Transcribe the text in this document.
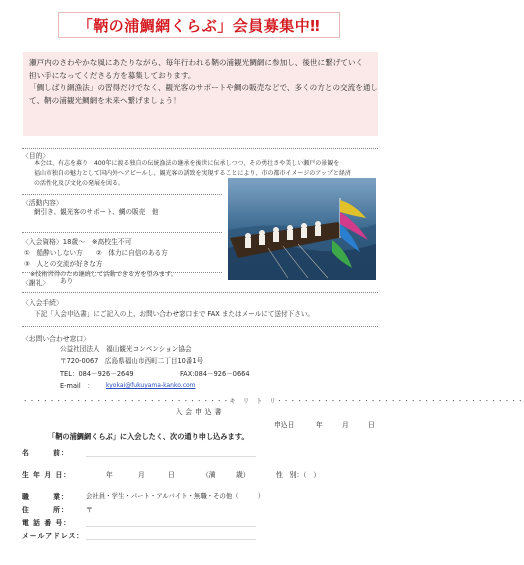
「鞆の浦鯛網くらぶ」会員募集中‼

瀬戸内のさわやかな風にあたりながら、毎年行われる鞆の浦観光鯛網に参加し、後世に繋げていく

担い手になってくださる方を募集しております。

「鯛しばり網漁法」の習得だけでなく、観光客のサポートや鯛の販売などで、多くの方との交流を通し

て、鞆の浦観光鯛網を未来へ繋げましょう！

〈目的〉
本会は、有志を募り　400年に渡る独自の伝統漁法の継承を後世に伝承しつつ、その勇壮さや美しい瀬戸の景観を
福山市独自の魅力として国内外へアピールし、観光客の誘致を実現することにより、市の都市イメージのアップと経済
の活性化及び文化の発展を図る。
〈活動内容〉
網引き、観光客のサポート、鯛の販売　他
〈入会資格〉18歳～　※高校生不可
①　船酔いしない方　　②　体力に自信のある方
③　人との交流が好きな方
※技術習得のため継続して活動できる方を望みます。
〈謝礼〉 あり
〈入会手続〉
下記「入会申込書」にご記入の上、お問い合わせ窓口まで FAX またはメールにて送付下さい。
〈お問い合わせ窓口〉
公益社団法人　福山観光コンベンション協会
〒720-0067　広島県福山市西町二丁目10番1号
TEL：084－926－2649	FAX:084－926－0664
E-mail　： kyokai@fukuyama-kanko.com
・・・・・・・・・・・・・・・・・・・・・・・・・・・・・・・キ　リ　ト　リ・・・・・・・・・・・・・・・・・・・・・・・・・・・・・・・・・・・・・
入会申込書
申込日	年	月	日
「鞆の浦鯛網くらぶ」に入会したく、次の通り申し込みます。
名　　　前：
生 年 月 日：	年	月	日	（満　　　歳）	性　別：（　）
職　　　業：	会社員・学生・パート・アルバイト・無職・その他（　　　）
住　　　所：	〒
電 話 番 号：
メールアドレス：
